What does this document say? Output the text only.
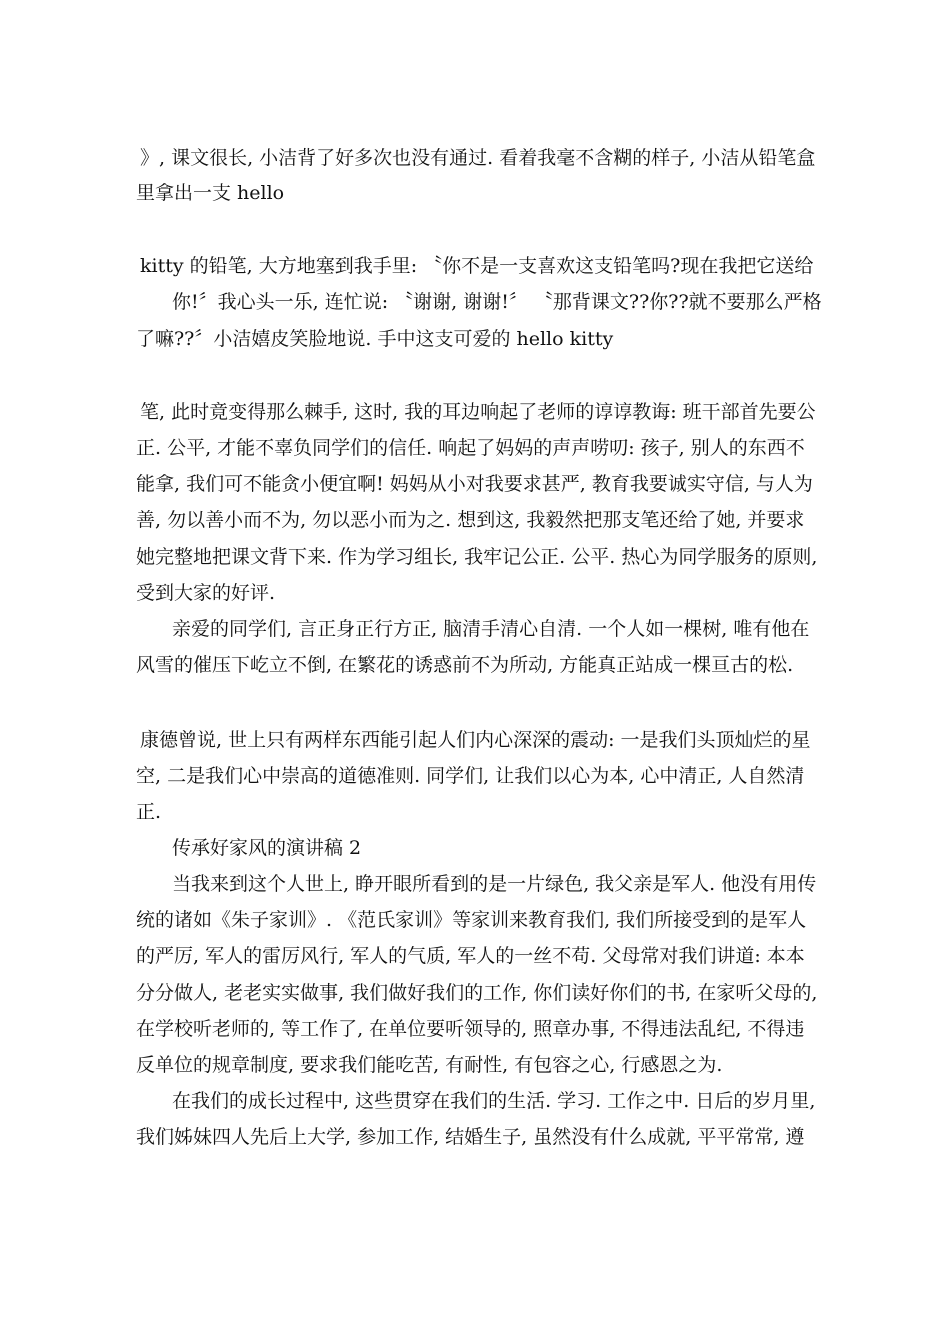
》, 课文很长, 小洁背了好多次也没有通过. 看着我毫不含糊的样子, 小洁从铅笔盒
里拿出一支 hello
kitty 的铅笔, 大方地塞到我手里: 〝你不是一支喜欢这支铅笔吗?现在我把它送给
你!〞我心头一乐, 连忙说: 〝谢谢, 谢谢!〞 〝那背课文??你??就不要那么严格
了嘛??〞小洁嬉皮笑脸地说. 手中这支可爱的 hello kitty
笔, 此时竟变得那么棘手, 这时, 我的耳边响起了老师的谆谆教诲: 班干部首先要公
正. 公平, 才能不辜负同学们的信任. 响起了妈妈的声声唠叨: 孩子, 别人的东西不
能拿, 我们可不能贪小便宜啊! 妈妈从小对我要求甚严, 教育我要诚实守信, 与人为
善, 勿以善小而不为, 勿以恶小而为之. 想到这, 我毅然把那支笔还给了她, 并要求
她完整地把课文背下来. 作为学习组长, 我牢记公正. 公平. 热心为同学服务的原则,
受到大家的好评.
亲爱的同学们, 言正身正行方正, 脑清手清心自清. 一个人如一棵树, 唯有他在
风雪的催压下屹立不倒, 在繁花的诱惑前不为所动, 方能真正站成一棵亘古的松.
康德曾说, 世上只有两样东西能引起人们内心深深的震动: 一是我们头顶灿烂的星
空, 二是我们心中崇高的道德准则. 同学们, 让我们以心为本, 心中清正, 人自然清
正.
传承好家风的演讲稿 2
当我来到这个人世上, 睁开眼所看到的是一片绿色, 我父亲是军人. 他没有用传
统的诸如《朱子家训》. 《范氏家训》等家训来教育我们, 我们所接受到的是军人
的严厉, 军人的雷厉风行, 军人的气质, 军人的一丝不苟. 父母常对我们讲道: 本本
分分做人, 老老实实做事, 我们做好我们的工作, 你们读好你们的书, 在家听父母的,
在学校听老师的, 等工作了, 在单位要听领导的, 照章办事, 不得违法乱纪, 不得违
反单位的规章制度, 要求我们能吃苦, 有耐性, 有包容之心, 行感恩之为.
在我们的成长过程中, 这些贯穿在我们的生活. 学习. 工作之中. 日后的岁月里,
我们姊妹四人先后上大学, 参加工作, 结婚生子, 虽然没有什么成就, 平平常常, 遵
